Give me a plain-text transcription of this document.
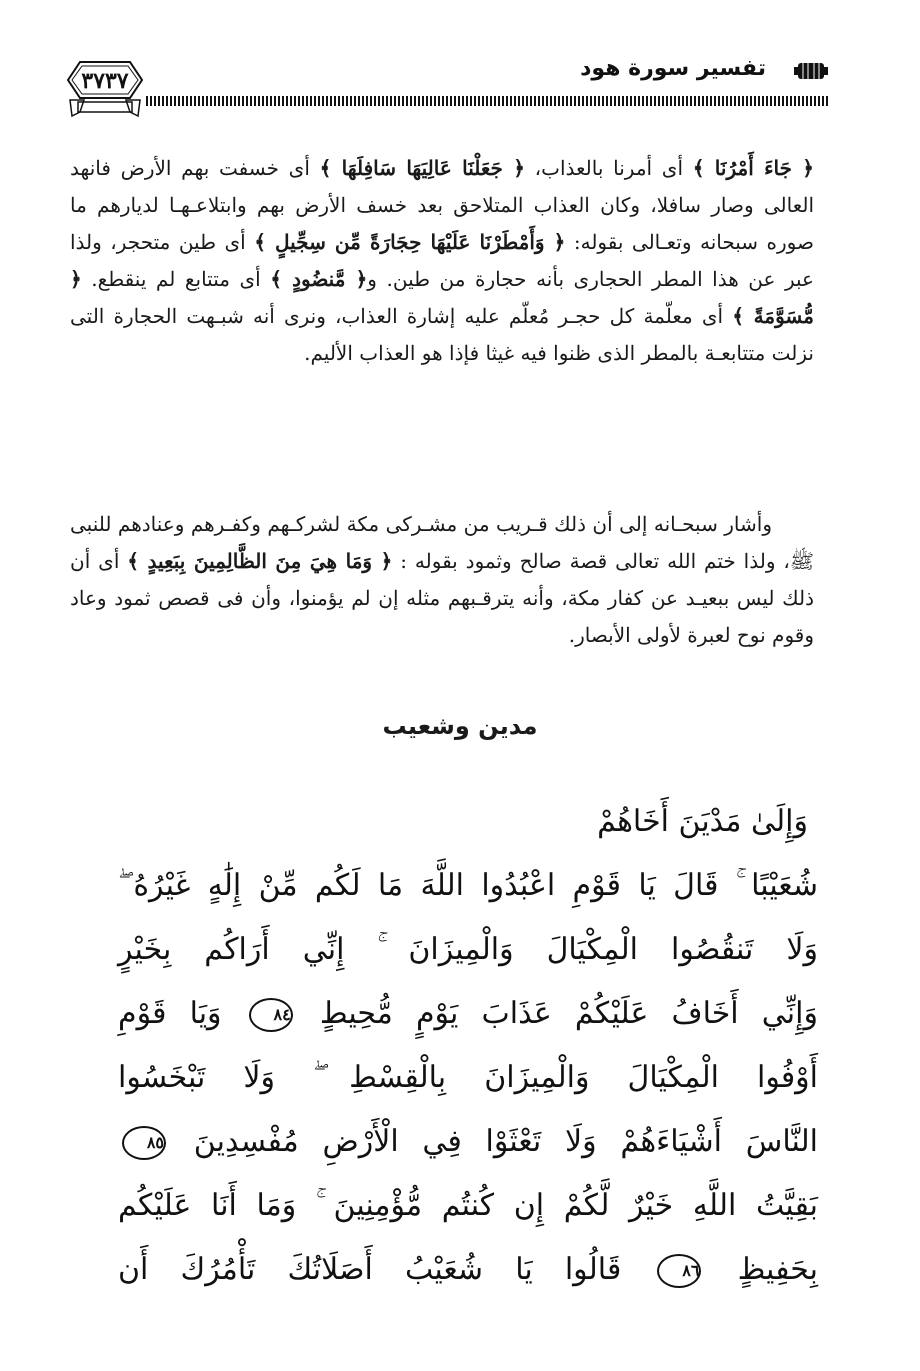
٣٧٣٧	تفسير سورة هود
﴿ جَاءَ أَمْرُنَا ﴾ أى أمرنا بالعذاب، ﴿ جَعَلْنَا عَالِيَهَا سَافِلَهَا ﴾ أى خسفت بهم الأرض فانهد العالى وصار سافلا، وكان العذاب المتلاحق بعد خسف الأرض بهم وابتلاعـهـا لديارهم ما صوره سبحانه وتعـالى بقوله: ﴿ وَأَمْطَرْنَا عَلَيْهَا حِجَارَةً مِّن سِجِّيلٍ ﴾ أى طين متحجر، ولذا عبر عن هذا المطر الحجارى بأنه حجارة من طين. و﴿ مَّنضُودٍ ﴾ أى متتابع لم ينقطع. ﴿ مُّسَوَّمَةً ﴾ أى معلّمة كل حجـر مُعلّم عليه إشارة العذاب، ونرى أنه شبـهت الحجارة التى نزلت متتابعـة بالمطر الذى ظنوا فيه غيثا فإذا هو العذاب الأليم.
وأشار سبحـانه إلى أن ذلك قـريب من مشـركى مكة لشركـهم وكفـرهم وعنادهم للنبى ﷺ، ولذا ختم الله تعالى قصة صالح وثمود بقوله : ﴿ وَمَا هِيَ مِنَ الظَّالِمِينَ بِبَعِيدٍ ﴾ أى أن ذلك ليس ببعيـد عن كفار مكة، وأنه يترقـبهم مثله إن لم يؤمنوا، وأن فى قصص ثمود وعاد وقوم نوح لعبرة لأولى الأبصار.
مدين وشعيب
وَإِلَىٰ مَدْيَنَ أَخَاهُمْ
شُعَيْبًا ۚ قَالَ يَا قَوْمِ اعْبُدُوا اللَّهَ مَا لَكُم مِّنْ إِلَٰهٍ غَيْرُهُ ۖ
وَلَا تَنقُصُوا الْمِكْيَالَ وَالْمِيزَانَ ۚ إِنِّي أَرَاكُم بِخَيْرٍ
وَإِنِّي أَخَافُ عَلَيْكُمْ عَذَابَ يَوْمٍ مُّحِيطٍ ٨٤ وَيَا قَوْمِ
أَوْفُوا الْمِكْيَالَ وَالْمِيزَانَ بِالْقِسْطِ ۖ وَلَا تَبْخَسُوا
النَّاسَ أَشْيَاءَهُمْ وَلَا تَعْثَوْا فِي الْأَرْضِ مُفْسِدِينَ ٨٥
بَقِيَّتُ اللَّهِ خَيْرٌ لَّكُمْ إِن كُنتُم مُّؤْمِنِينَ ۚ وَمَا أَنَا عَلَيْكُم
بِحَفِيظٍ ٨٦ قَالُوا يَا شُعَيْبُ أَصَلَاتُكَ تَأْمُرُكَ أَن
